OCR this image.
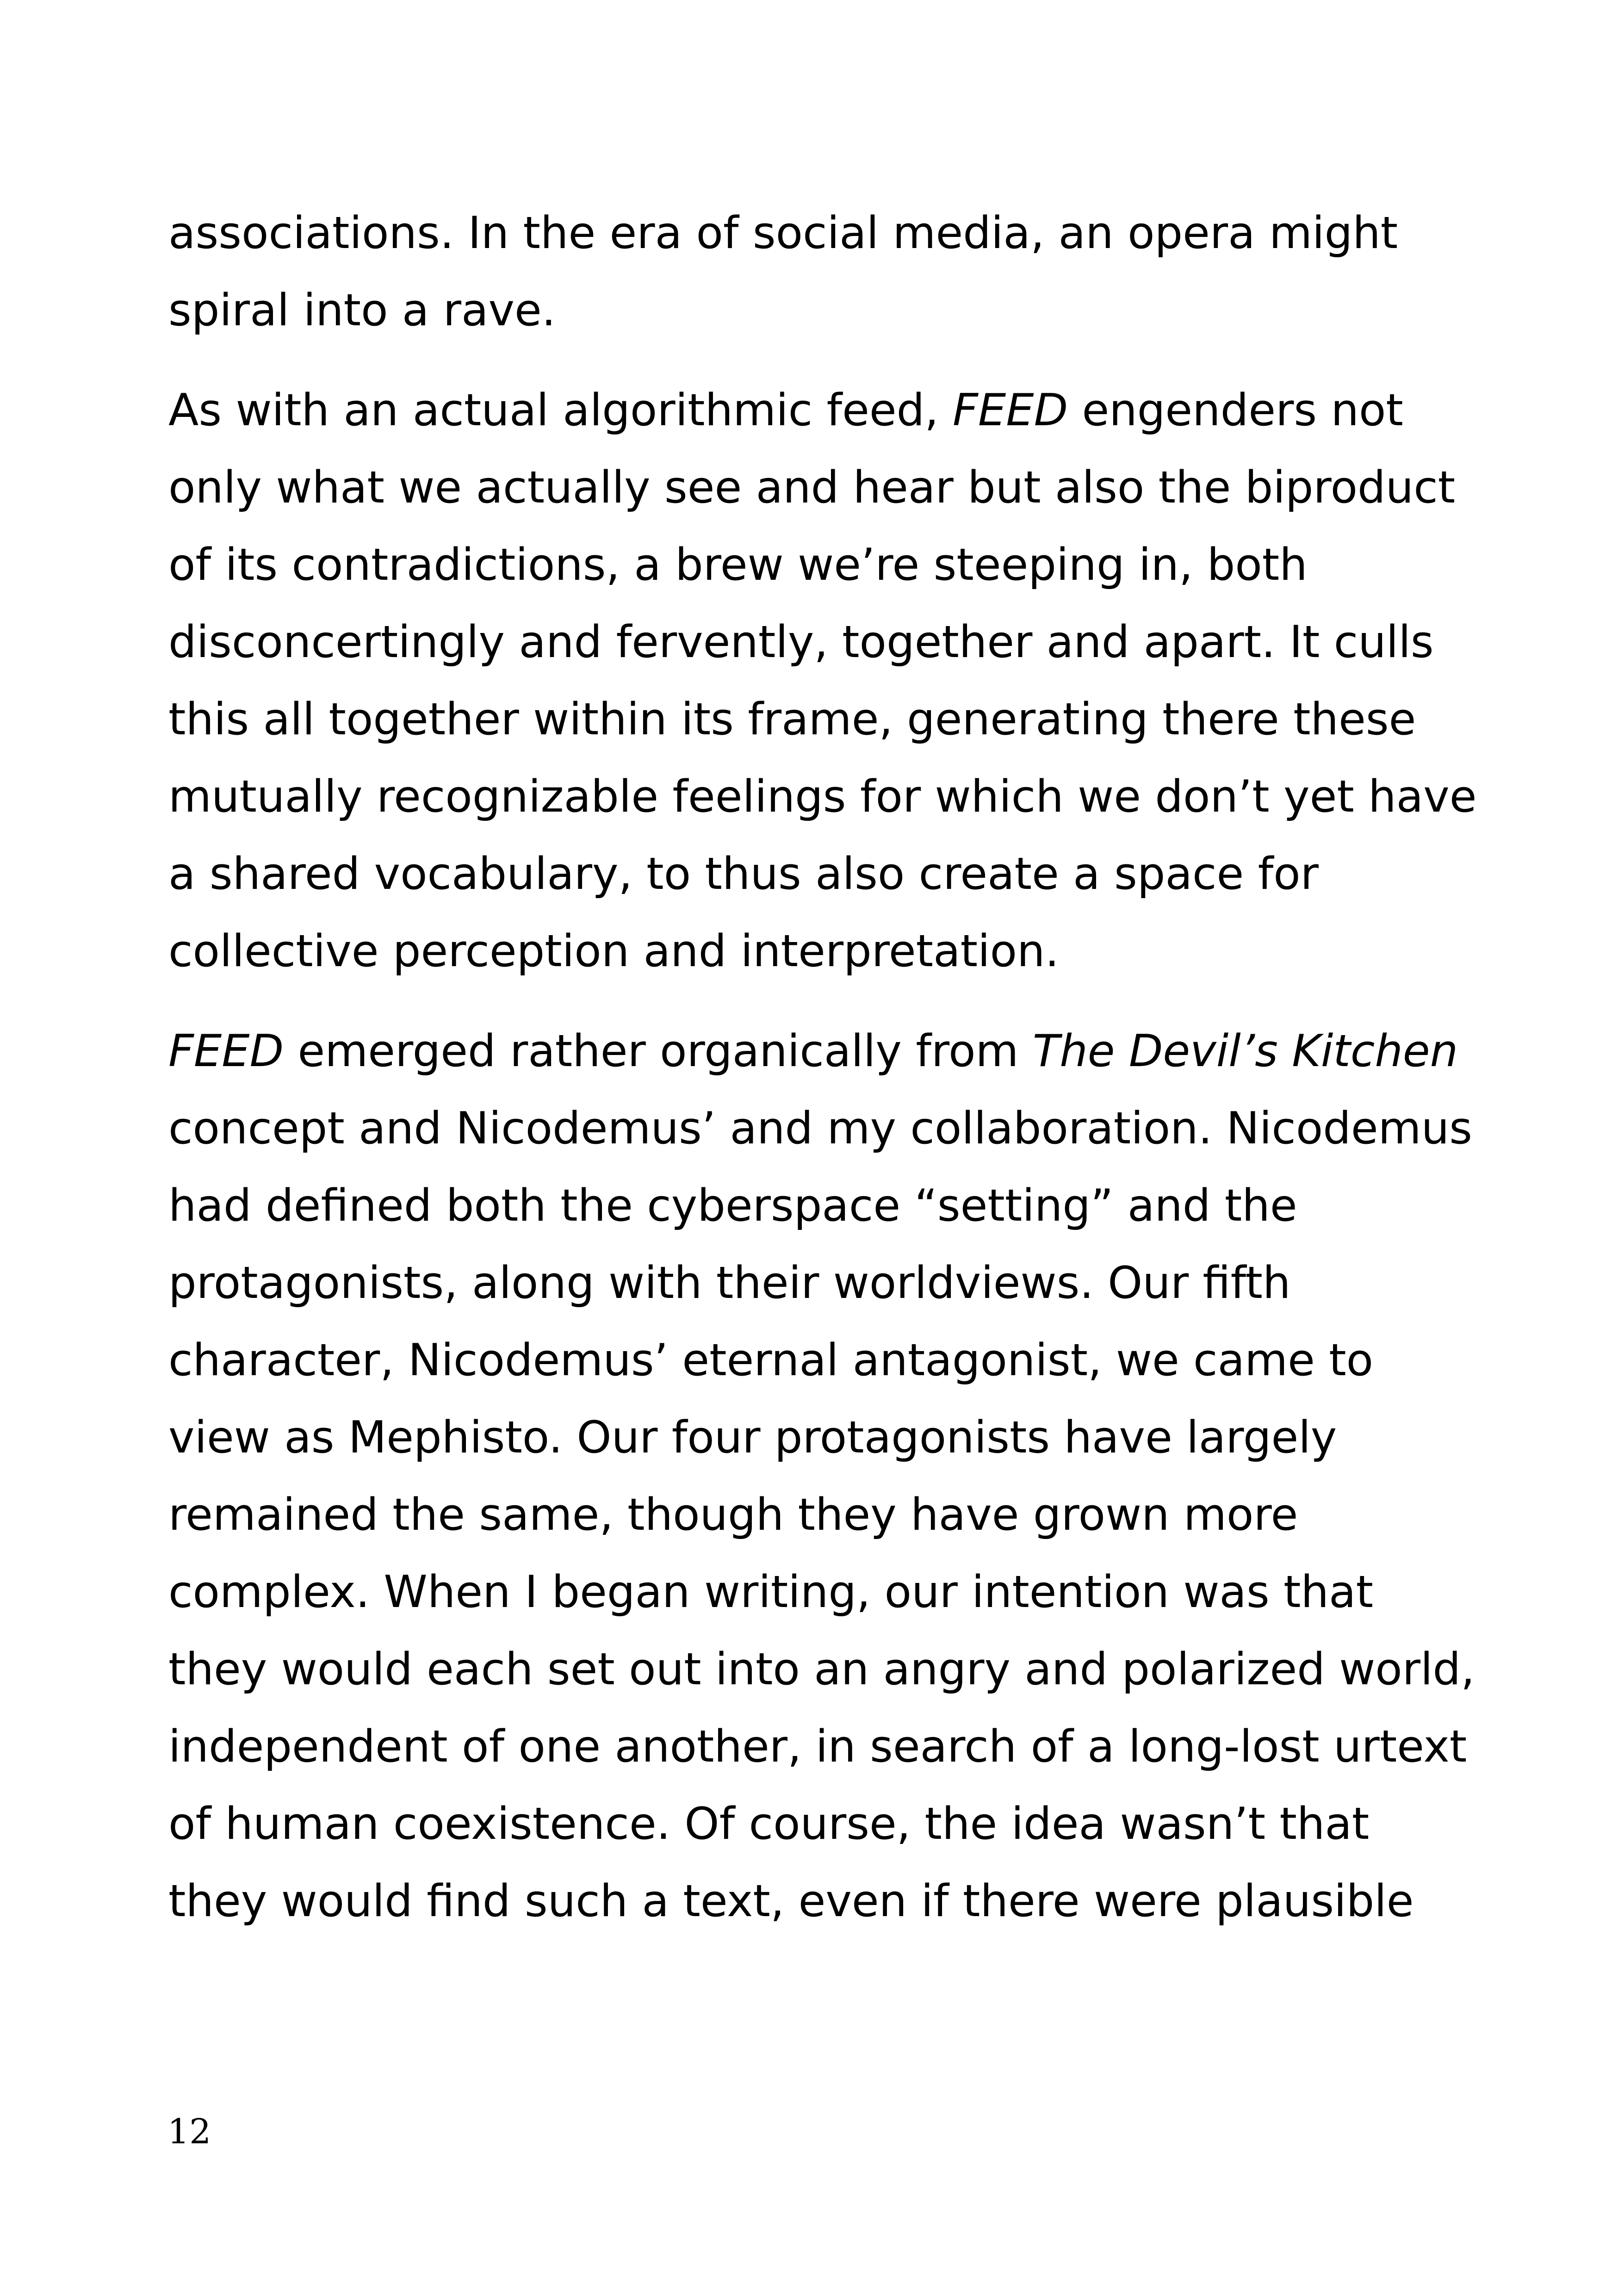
associations. In the era of social media, an opera might
spiral into a rave.

As with an actual algorithmic feed, FEED engenders not
only what we actually see and hear but also the biproduct
of its contradictions, a brew we’re steeping in, both
disconcertingly and fervently, together and apart. It culls
this all together within its frame, generating there these
mutually recognizable feelings for which we don’t yet have
a shared vocabulary, to thus also create a space for
collective perception and interpretation.

FEED emerged rather organically from The Devil’s Kitchen
concept and Nicodemus’ and my collaboration. Nicodemus
had defined both the cyberspace “setting” and the
protagonists, along with their worldviews. Our fifth
character, Nicodemus’ eternal antagonist, we came to
view as Mephisto. Our four protagonists have largely
remained the same, though they have grown more
complex. When I began writing, our intention was that
they would each set out into an angry and polarized world,
independent of one another, in search of a long-lost urtext
of human coexistence. Of course, the idea wasn’t that
they would find such a text, even if there were plausible

12
